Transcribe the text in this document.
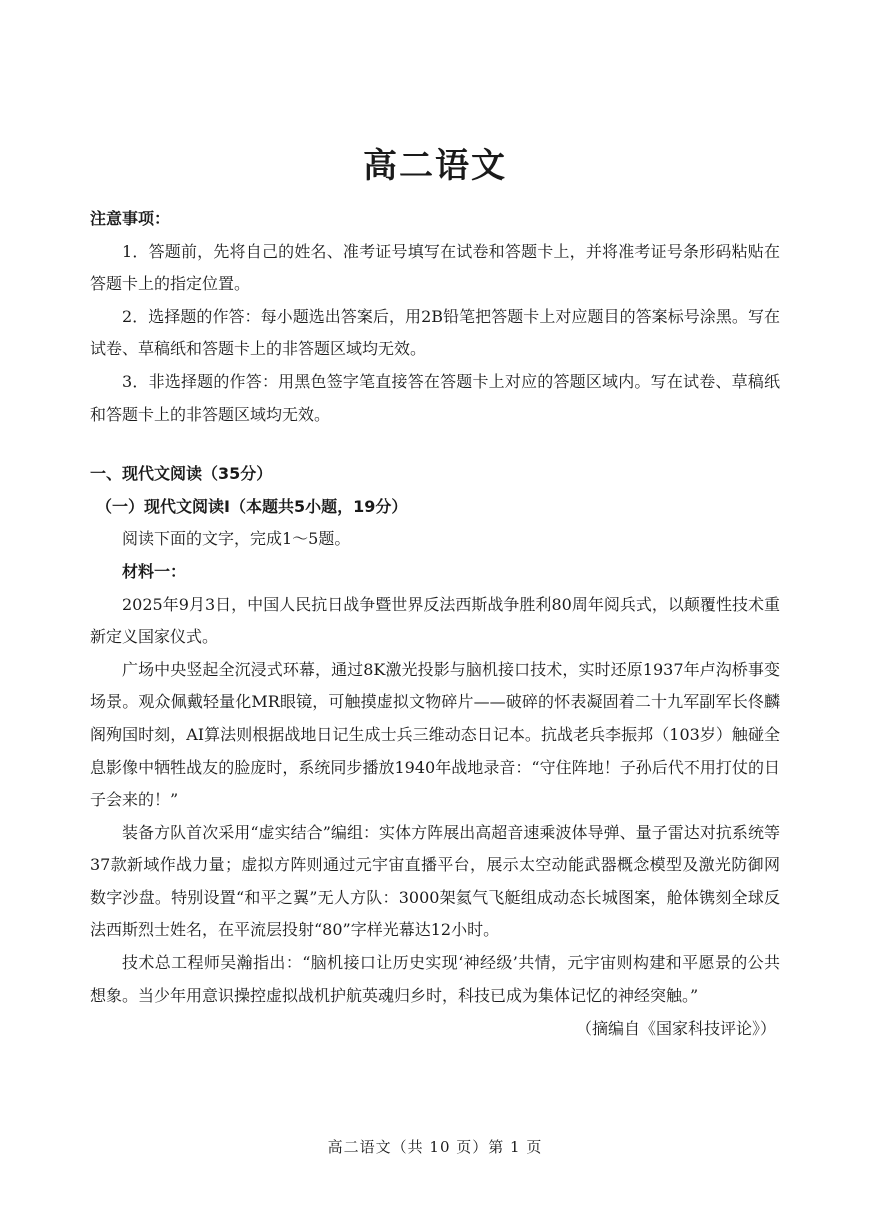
高二语文

注意事项：

1．答题前，先将自己的姓名、准考证号填写在试卷和答题卡上，并将准考证号条形码粘贴在答题卡上的指定位置。

2．选择题的作答：每小题选出答案后，用2B铅笔把答题卡上对应题目的答案标号涂黑。写在试卷、草稿纸和答题卡上的非答题区域均无效。

3．非选择题的作答：用黑色签字笔直接答在答题卡上对应的答题区域内。写在试卷、草稿纸和答题卡上的非答题区域均无效。

一、现代文阅读（35分）

（一）现代文阅读Ⅰ（本题共5小题，19分）

阅读下面的文字，完成1～5题。

材料一：

2025年9月3日，中国人民抗日战争暨世界反法西斯战争胜利80周年阅兵式，以颠覆性技术重新定义国家仪式。

广场中央竖起全沉浸式环幕，通过8K激光投影与脑机接口技术，实时还原1937年卢沟桥事变场景。观众佩戴轻量化MR眼镜，可触摸虚拟文物碎片——破碎的怀表凝固着二十九军副军长佟麟阁殉国时刻，AI算法则根据战地日记生成士兵三维动态日记本。抗战老兵李振邦（103岁）触碰全息影像中牺牲战友的脸庞时，系统同步播放1940年战地录音：“守住阵地！子孙后代不用打仗的日子会来的！”

装备方队首次采用“虚实结合”编组：实体方阵展出高超音速乘波体导弹、量子雷达对抗系统等37款新域作战力量；虚拟方阵则通过元宇宙直播平台，展示太空动能武器概念模型及激光防御网数字沙盘。特别设置“和平之翼”无人方队：3000架氦气飞艇组成动态长城图案，舱体镌刻全球反法西斯烈士姓名，在平流层投射“80”字样光幕达12小时。

技术总工程师吴瀚指出：“脑机接口让历史实现‘神经级’共情，元宇宙则构建和平愿景的公共想象。当少年用意识操控虚拟战机护航英魂归乡时，科技已成为集体记忆的神经突触。”

（摘编自《国家科技评论》）

高二语文（共 10 页）第 1 页
